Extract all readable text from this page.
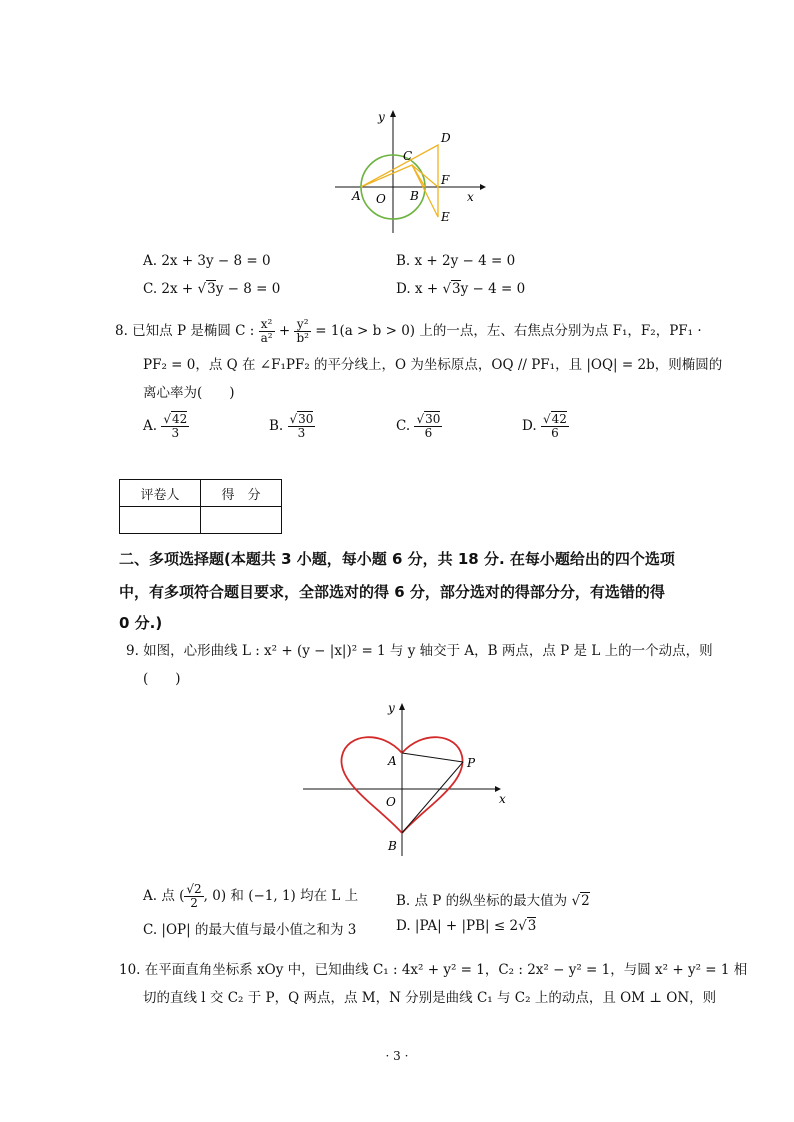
y
x
A O B
C
D
F
E
A. 2x + 3y − 8 = 0	B. x + 2y − 4 = 0
C. 2x + √3y − 8 = 0	D. x + √3y − 4 = 0
8. 已知点 P 是椭圆 C : $\frac{\text{x²}}{\text{a²}} + \frac{\text{y²}}{\text{b²}} = 1(a > b > 0)$ 上的一点，左、右焦点分别为点 F₁，F₂，PF₁ ·
PF₂ = 0，点 Q 在 ∠F₁PF₂ 的平分线上，O 为坐标原点，OQ // PF₁，且 |OQ| = 2b，则椭圆的
离心率为(　　)
A. $\frac{√42}{3}$	B. $\frac{√30}{3}$	C. $\frac{√30}{6}$	D. $\frac{√42}{6}$
评卷人	得　分

二、多项选择题(本题共 3 小题，每小题 6 分，共 18 分. 在每小题给出的四个选项
中，有多项符合题目要求，全部选对的得 6 分，部分选对的得部分分，有选错的得
0 分.)
9. 如图，心形曲线 L : x² + (y − |x|)² = 1 与 y 轴交于 A，B 两点，点 P 是 L 上的一个动点，则
(　　)
y
x
A
O
B
P
A. 点 ( $\frac{√2}{2}$ , 0) 和 (−1, 1) 均在 L 上	B. 点 P 的纵坐标的最大值为 √2
C. |OP| 的最大值与最小值之和为 3	D. |PA| + |PB| ≤ 2√3
10. 在平面直角坐标系 xOy 中，已知曲线 C₁ : 4x² + y² = 1，C₂ : 2x² − y² = 1，与圆 x² + y² = 1 相
切的直线 l 交 C₂ 于 P，Q 两点，点 M，N 分别是曲线 C₁ 与 C₂ 上的动点，且 OM ⊥ ON，则
· 3 ·
